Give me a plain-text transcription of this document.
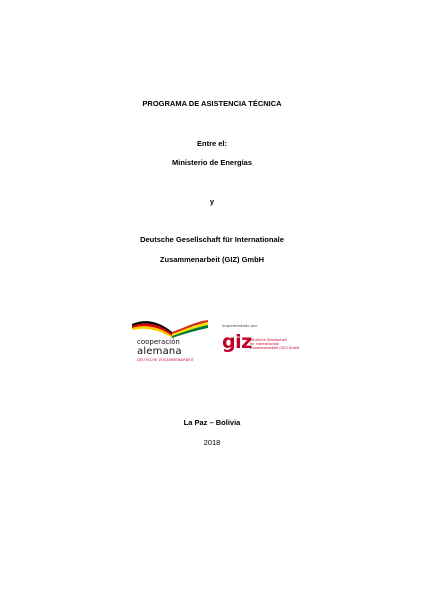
PROGRAMA DE ASISTENCIA TÉCNICA
Entre el:
Ministerio de Energías
y
Deutsche Gesellschaft für Internationale
Zusammenarbeit (GIZ) GmbH
cooperación
alemana
DEUTSCHE ZUSAMMENARBEIT
Implementado por:
giz
Deutsche Gesellschaft
für Internationale
Zusammenarbeit (GIZ) GmbH
La Paz – Bolivia
2018
